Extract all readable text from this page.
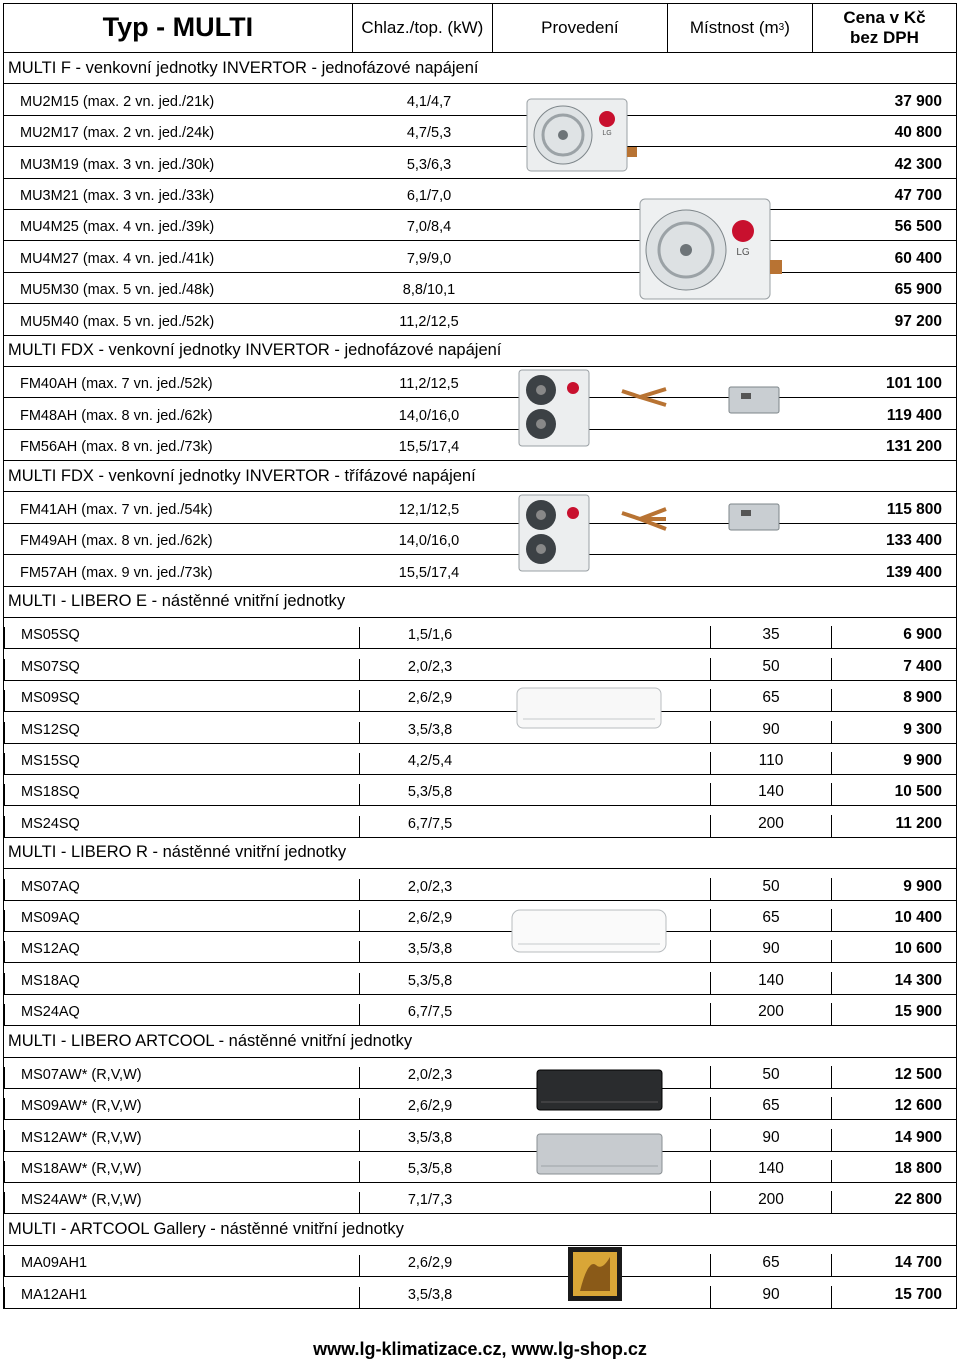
Typ - MULTI	Chlaz./top. (kW)	Provedení	Místnost (m 3 )
Cena v Kč
bez DPH
MULTI F - venkovní jednotky INVERTOR - jednofázové napájení
MU2M15 (max. 2 vn. jed./21k)	4,1/4,7	37 900
MU2M17 (max. 2 vn. jed./24k)	4,7/5,3	40 800
MU3M19 (max. 3 vn. jed./30k)	5,3/6,3	42 300
MU3M21 (max. 3 vn. jed./33k)	6,1/7,0	47 700
MU4M25 (max. 4 vn. jed./39k)	7,0/8,4	56 500
MU4M27 (max. 4 vn. jed./41k)	7,9/9,0	60 400
MU5M30 (max. 5 vn. jed./48k)	8,8/10,1	65 900
MU5M40 (max. 5 vn. jed./52k)	11,2/12,5	97 200
MULTI FDX - venkovní jednotky INVERTOR - jednofázové napájení
FM40AH (max. 7 vn. jed./52k)	11,2/12,5	101 100
FM48AH (max. 8 vn. jed./62k)	14,0/16,0	119 400
FM56AH (max. 8 vn. jed./73k)	15,5/17,4	131 200
MULTI FDX - venkovní jednotky INVERTOR - třífázové napájení
FM41AH (max. 7 vn. jed./54k)	12,1/12,5	115 800
FM49AH (max. 8 vn. jed./62k)	14,0/16,0	133 400
FM57AH (max. 9 vn. jed./73k)	15,5/17,4	139 400
MULTI - LIBERO E - nástěnné vnitřní jednotky
MS05SQ	1,5/1,6	35	6 900
MS07SQ	2,0/2,3	50	7 400
MS09SQ	2,6/2,9	65	8 900
MS12SQ	3,5/3,8	90	9 300
MS15SQ	4,2/5,4	110	9 900
MS18SQ	5,3/5,8	140	10 500
MS24SQ	6,7/7,5	200	11 200
MULTI - LIBERO R - nástěnné vnitřní jednotky
MS07AQ	2,0/2,3	50	9 900
MS09AQ	2,6/2,9	65	10 400
MS12AQ	3,5/3,8	90	10 600
MS18AQ	5,3/5,8	140	14 300
MS24AQ	6,7/7,5	200	15 900
MULTI - LIBERO ARTCOOL - nástěnné vnitřní jednotky
MS07AW* (R,V,W)	2,0/2,3	50	12 500
MS09AW* (R,V,W)	2,6/2,9	65	12 600
MS12AW* (R,V,W)	3,5/3,8	90	14 900
MS18AW* (R,V,W)	5,3/5,8	140	18 800
MS24AW* (R,V,W)	7,1/7,3	200	22 800
MULTI - ARTCOOL Gallery - nástěnné vnitřní jednotky
MA09AH1	2,6/2,9	65	14 700
MA12AH1	3,5/3,8	90	15 700
LG
LG
www.lg-klimatizace.cz, www.lg-shop.cz
